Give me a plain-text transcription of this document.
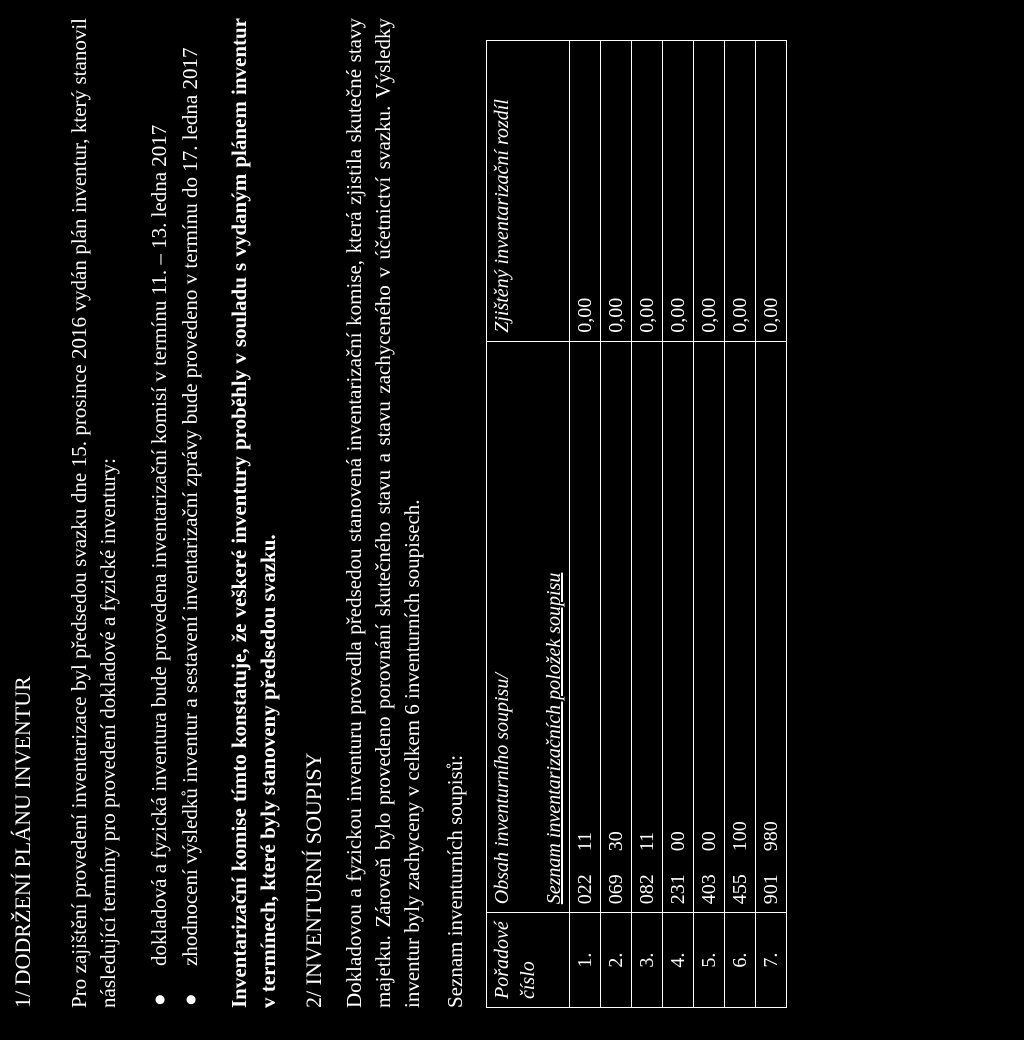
1/ DODRŽENÍ PLÁNU INVENTUR Pro zajištění provedení inventarizace byl předsedou svazku dne 15. prosince 2016 vydán plán inventur, který stanovil následující termíny pro provedení dokladové a fyzické inventury: ●
dokladová a fyzická inventura bude provedena inventarizační komisí v termínu 11. – 13. ledna 2017
●
zhodnocení výsledků inventur a sestavení inventarizační zprávy bude provedeno v termínu do 17. ledna 2017 Inventarizační komise tímto konstatuje, že veškeré inventury proběhly v souladu s vydaným plánem inventur v termínech, které byly stanoveny předsedou svazku. 2/ INVENTURNÍ SOUPISY Dokladovou a fyzickou inventuru provedla předsedou stanovená inventarizační komise, která zjistila skutečné stavy majetku. Zároveň bylo provedeno porovnání skutečného stavu a stavu zachyceného v účetnictví svazku. Výsledky inventur byly zachyceny v celkem 6 inventurních soupisech. Seznam inventurních soupisů: Pořadové číslo	Obsah inventurního soupisu/ Seznam inventarizačních položek soupisu	Zjištěný inventarizační rozdíl
1.	022 11	0,00
2.	069 30	0,00
3.	082 11	0,00
4.	231 00	0,00
5.	403 00	0,00
6.	455 100	0,00
7.	901 980	0,00
